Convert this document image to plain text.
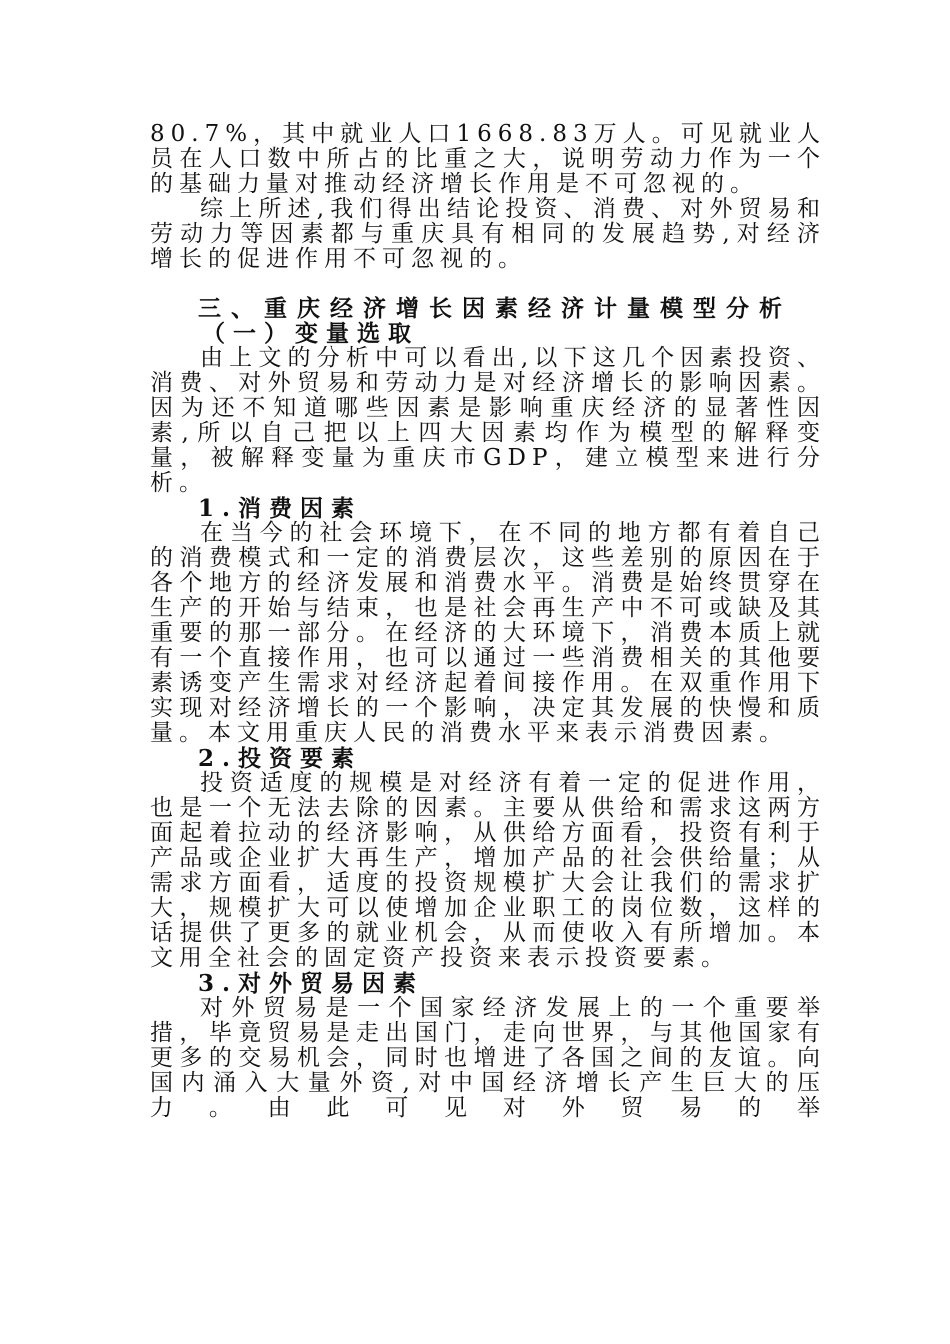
80.7%，其中就业人口1668.83万人。可见就业人员在人口数中所占的比重之大，说明劳动力作为一个的基础力量对推动经济增长作用是不可忽视的。

综上所述,我们得出结论投资、消费、对外贸易和劳动力等因素都与重庆具有相同的发展趋势,对经济增长的促进作用不可忽视的。

三、重庆经济增长因素经济计量模型分析

（一）变量选取

由上文的分析中可以看出,以下这几个因素投资、消费、对外贸易和劳动力是对经济增长的影响因素。因为还不知道哪些因素是影响重庆经济的显著性因素,所以自己把以上四大因素均作为模型的解释变量，被解释变量为重庆市GDP，建立模型来进行分析。

1.消费因素

在当今的社会环境下，在不同的地方都有着自己的消费模式和一定的消费层次，这些差别的原因在于各个地方的经济发展和消费水平。消费是始终贯穿在生产的开始与结束，也是社会再生产中不可或缺及其重要的那一部分。在经济的大环境下，消费本质上就有一个直接作用，也可以通过一些消费相关的其他要素诱变产生需求对经济起着间接作用。在双重作用下实现对经济增长的一个影响，决定其发展的快慢和质量。本文用重庆人民的消费水平来表示消费因素。

2.投资要素

投资适度的规模是对经济有着一定的促进作用，也是一个无法去除的因素。主要从供给和需求这两方面起着拉动的经济影响，从供给方面看，投资有利于产品或企业扩大再生产，增加产品的社会供给量；从需求方面看，适度的投资规模扩大会让我们的需求扩大，规模扩大可以使增加企业职工的岗位数，这样的话提供了更多的就业机会，从而使收入有所增加。本文用全社会的固定资产投资来表示投资要素。

3.对外贸易因素

对外贸易是一个国家经济发展上的一个重要举措，毕竟贸易是走出国门，走向世界，与其他国家有更多的交易机会，同时也增进了各国之间的友谊。向国内涌入大量外资,对中国经济增长产生巨大的压力。由此可见对外贸易的举
